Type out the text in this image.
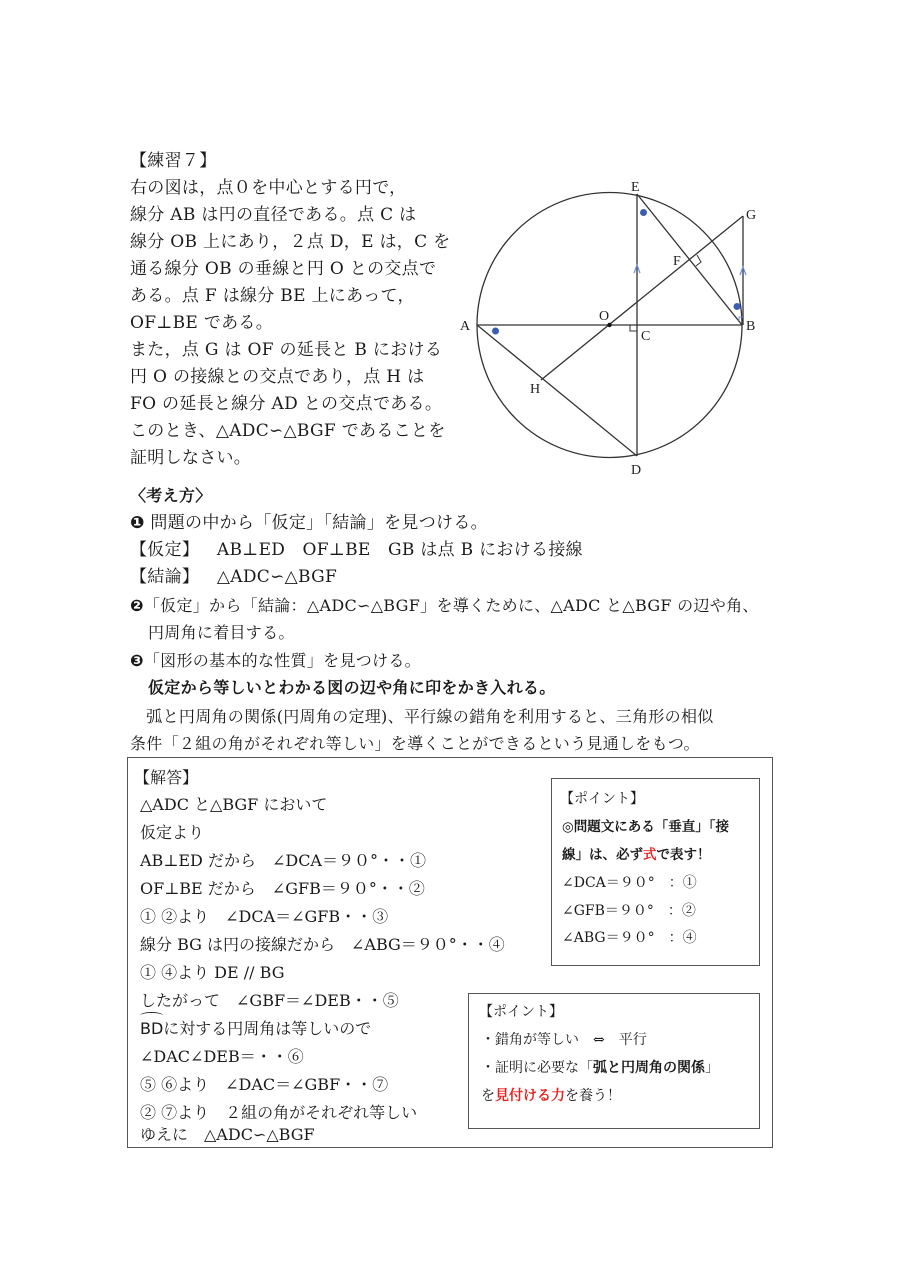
【練習７】
右の図は，点０を中心とする円で，
線分 AB は円の直径である。点 C は
線分 OB 上にあり，２点 D，E は，C を
通る線分 OB の垂線と円 O との交点で
ある。点 F は線分 BE 上にあって，
OF⊥BE である。
また，点 G は OF の延長と B における
円 O の接線との交点であり，点 H は
FO の延長と線分 AD との交点である。
このとき、△ADC∽△BGF であることを
証明しなさい。
E
G
F
O
A	B
C
H
D
〈考え方〉
❶ 問題の中から「仮定」「結論」を見つける。
【仮定】 AB⊥ED　OF⊥BE　GB は点 B における接線
【結論】 △ADC∽△BGF
❷「仮定」から「結論：△ADC∽△BGF」を導くために、△ADC と△BGF の辺や角、
円周角に着目する。
❸「図形の基本的な性質」を見つける。
仮定から等しいとわかる図の辺や角に印をかき入れる。
　弧と円周角の関係(円周角の定理)、平行線の錯角を利用すると、三角形の相似
条件「２組の角がそれぞれ等しい」を導くことができるという見通しをもつ。
【解答】
△ADC と△BGF において
仮定より
AB⊥ED だから　∠DCA＝９０°・・①
OF⊥BE だから　∠GFB＝９０°・・②
① ②より　∠DCA＝∠GFB・・③
線分 BG は円の接線だから　∠ABG＝９０°・・④
① ④より DE // BG
したがって　∠GBF＝∠DEB・・⑤
BDに対する円周角は等しいので
∠DAC∠DEB＝・・⑥
⑤ ⑥より　∠DAC＝∠GBF・・⑦
② ⑦より　２組の角がそれぞれ等しい
ゆえに　△ADC∽△BGF
【ポイント】
◎問題文にある「垂直」「接
線」は、必ず式で表す！
∠DCA＝９０°　：①
∠GFB＝９０°　：②
∠ABG＝９０°　：④
【ポイント】
・錯角が等しい　⇔　平行
・証明に必要な「弧と円周角の関係」
を見付ける力を養う！
